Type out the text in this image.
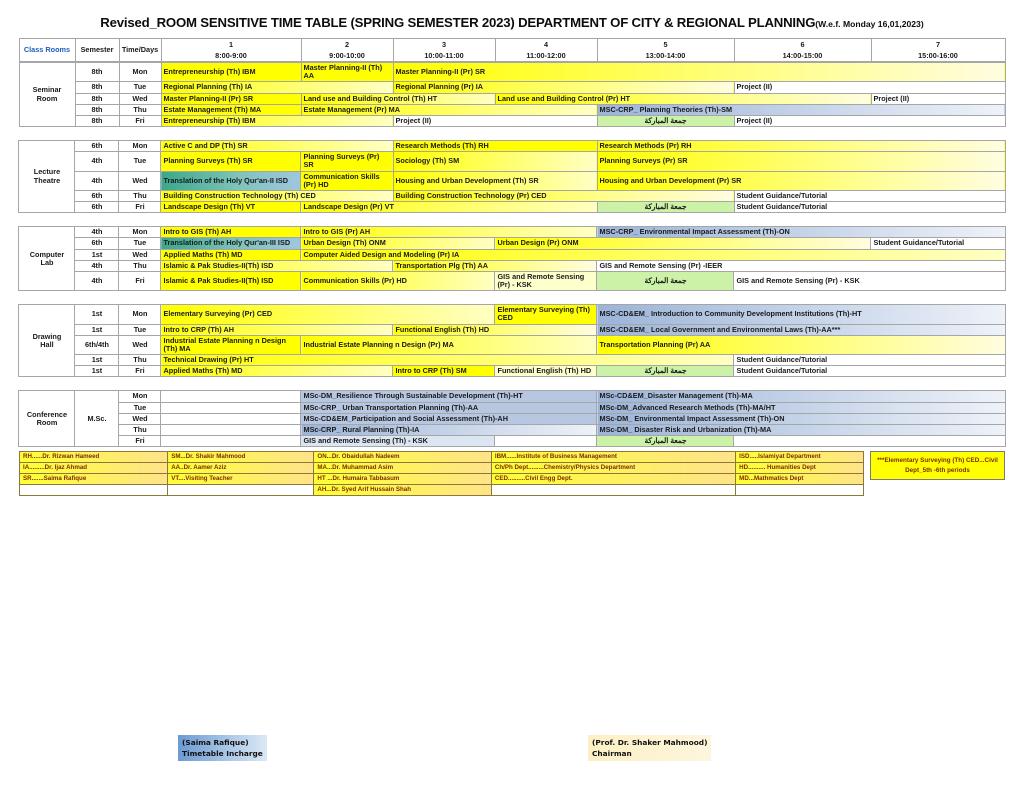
Revised_ROOM SENSITIVE TIME TABLE (SPRING SEMESTER 2023) DEPARTMENT OF CITY & REGIONAL PLANNING(W.e.f. Monday 16,01,2023)
Class Rooms	Semester	Time/Days	1	2	3	4	5	6	7
			8:00-9:00	9:00-10:00	10:00-11:00	11:00-12:00	13:00-14:00	14:00-15:00	15:00-16:00
Seminar
Room	8th	Mon	Entrepreneurship (Th) IBM	Master Planning-II (Th) AA	Master Planning-II (Pr) SR				
	8th	Tue	Regional Planning (Th) IA		Regional Planning (Pr) IA			Project (II)	
	8th	Wed	Master Planning-II (Pr) SR	Land use and Building Control (Th) HT		Land use and Building Control (Pr) HT			Project (II)
	8th	Thu	Estate Management (Th) MA	Estate Management (Pr) MA			MSC-CRP_ Planning Theories (Th)-SM		
	8th	Fri	Entrepreneurship (Th) IBM		Project (II)		جمعة المباركة	Project (II)	
Lecture
Theatre	6th	Mon	Active C and DP (Th) SR		Research Methods (Th) RH	Research Methods (Pr) RH	
	4th	Tue	Planning Surveys (Th) SR	Planning Surveys (Pr) SR	Sociology (Th) SM	Planning Surveys (Pr) SR	
	4th	Wed	Translation of the Holy Qur'an-II ISD	Communication Skills (Pr) HD	Housing and Urban Development (Th) SR	Housing and Urban Development (Pr) SR	
	6th	Thu	Building Construction Technology (Th) CED		Building Construction Technology (Pr) CED		Student Guidance/Tutorial
	6th	Fri	Landscape Design (Th) VT	Landscape Design (Pr) VT		جمعة المباركة	Student Guidance/Tutorial
Computer
Lab	4th	Mon	Intro to GIS (Th) AH	Intro to GIS (Pr) AH			MSC-CRP_ Environmental Impact Assessment (Th)-ON		
	6th	Tue	Translation of the Holy Qur'an-III ISD	Urban Design (Th) ONM		Urban Design (Pr) ONM			Student Guidance/Tutorial
	1st	Wed	Applied Maths (Th) MD	Computer Aided Design and Modeling (Pr) IA					
	4th	Thu	Islamic & Pak Studies-II(Th) ISD		Transportation Plg (Th) AA		GIS and Remote Sensing (Pr) -IEER		
	4th	Fri	Islamic & Pak Studies-II(Th) ISD	Communication Skills (Pr) HD		GIS and Remote Sensing (Pr) - KSK	جمعة المباركة	GIS and Remote Sensing (Pr) - KSK	
Drawing
Hall	1st	Mon	Elementary Surveying (Pr) CED			Elementary Surveying (Th) CED	MSC-CD&EM_ Introduction to Community Development Institutions (Th)-HT	
	1st	Tue	Intro to CRP (Th) AH		Functional English (Th) HD		MSC-CD&EM_ Local Government and Environmental Laws (Th)-AA***	
	6th/4th	Wed	Industrial Estate Planning n Design (Th) MA	Industrial Estate Planning n Design (Pr) MA			Transportation Planning (Pr) AA	
	1st	Thu	Technical Drawing (Pr) HT					Student Guidance/Tutorial
	1st	Fri	Applied Maths (Th) MD		Intro to CRP (Th) SM	Functional English (Th) HD	جمعة المباركة	Student Guidance/Tutorial
Conference
Room	M.Sc.	Mon		MSc-DM_Resilience Through Sustainable Development (Th)-HT		MSc-CD&EM_Disaster Management (Th)-MA	
		Tue		MSc-CRP_ Urban Transportation Planning (Th)-AA		MSc-DM_Advanced Research Methods (Th)-MA/HT	
		Wed		MSc-CD&EM_Participation and Social Assessment (Th)-AH		MSc-DM_ Environmental Impact Assessment (Th)-ON	
		Thu		MSc-CRP_ Rural Planning (Th)-IA		MSc-DM_ Disaster Risk and Urbanization (Th)-MA	
		Fri		GIS and Remote Sensing (Th) - KSK		جمعة المباركة	
RH......Dr. Rizwan Hameed	SM...Dr. Shakir Mahmood	ON...Dr. Obaidullah Nadeem	IBM......Institute of Business Management	ISD.....Islamiyat Department
IA.........Dr. Ijaz Ahmad	AA..Dr. Aamer Aziz	MA...Dr. Muhammad Asim	Ch/Ph Dept.........Chemistry/Physics Department	HD.......... Humanities Dept
SR.......Saima Rafique	VT....Visiting Teacher	HT ...Dr. Humaira Tabbasum	CED..........Civil Engg Dept.	MD...Mathmatics Dept
		AH...Dr. Syed Arif Hussain Shah		
***Elementary Surveying (Th) CED...Civil Dept_5th -6th periods
(Saima Rafique)
Timetable Incharge
(Prof. Dr. Shaker Mahmood)
Chairman
